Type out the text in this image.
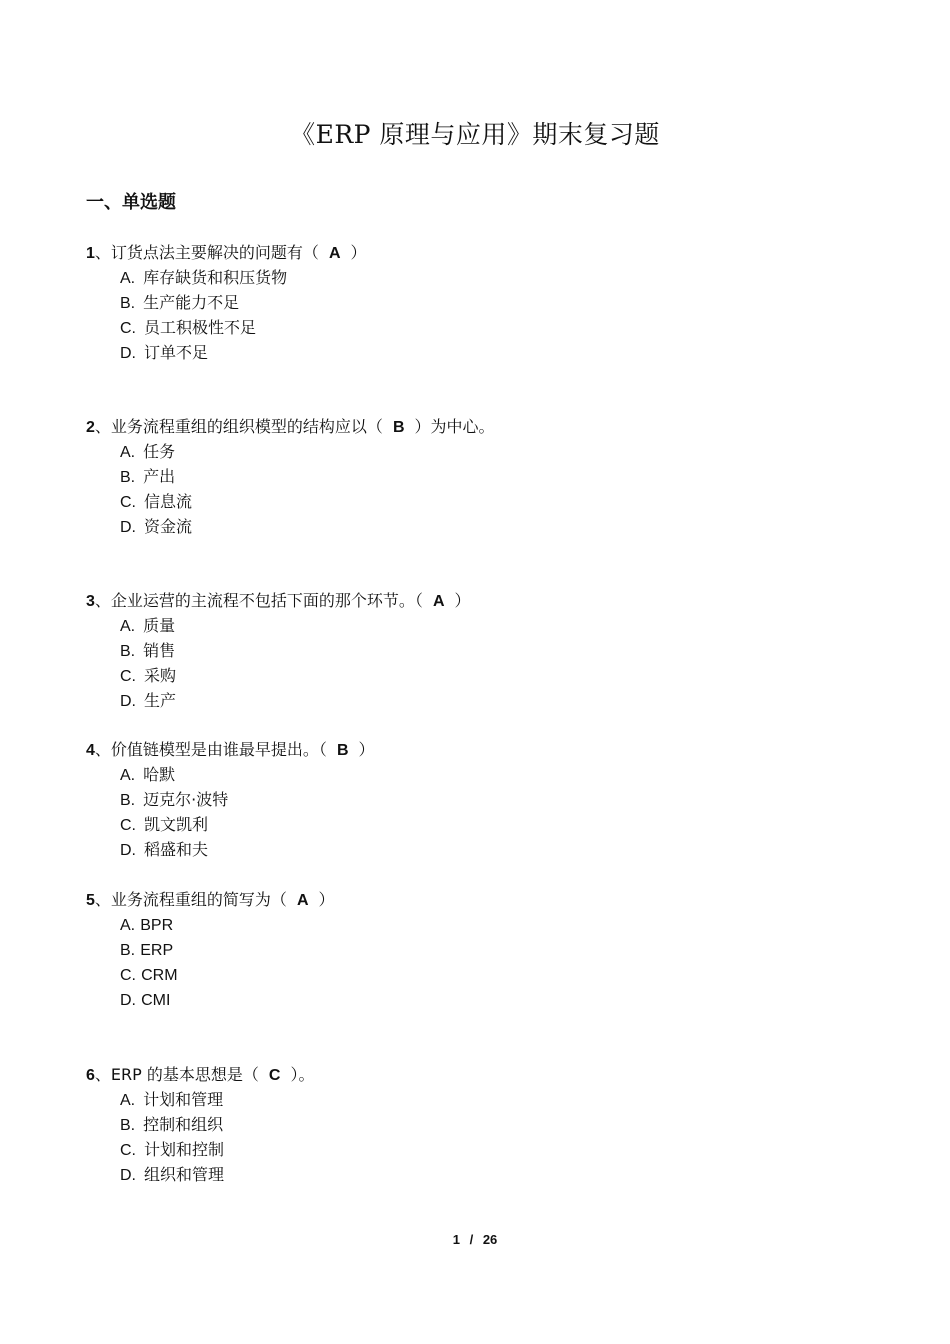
《ERP 原理与应用》期末复习题
一、单选题
1、订货点法主要解决的问题有（ A ）
A. 库存缺货和积压货物
B. 生产能力不足
C. 员工积极性不足
D. 订单不足
2、业务流程重组的组织模型的结构应以（ B ）为中心。
A. 任务
B. 产出
C. 信息流
D. 资金流
3、企业运营的主流程不包括下面的那个环节。（ A ）
A. 质量
B. 销售
C. 采购
D. 生产
4、价值链模型是由谁最早提出。（ B ）
A. 哈默
B. 迈克尔·波特
C. 凯文凯利
D. 稻盛和夫
5、业务流程重组的简写为（ A ）
A. BPR
B. ERP
C. CRM
D. CMI
6、ERP 的基本思想是（ C ）。
A. 计划和管理
B. 控制和组织
C. 计划和控制
D. 组织和管理
1 / 26
